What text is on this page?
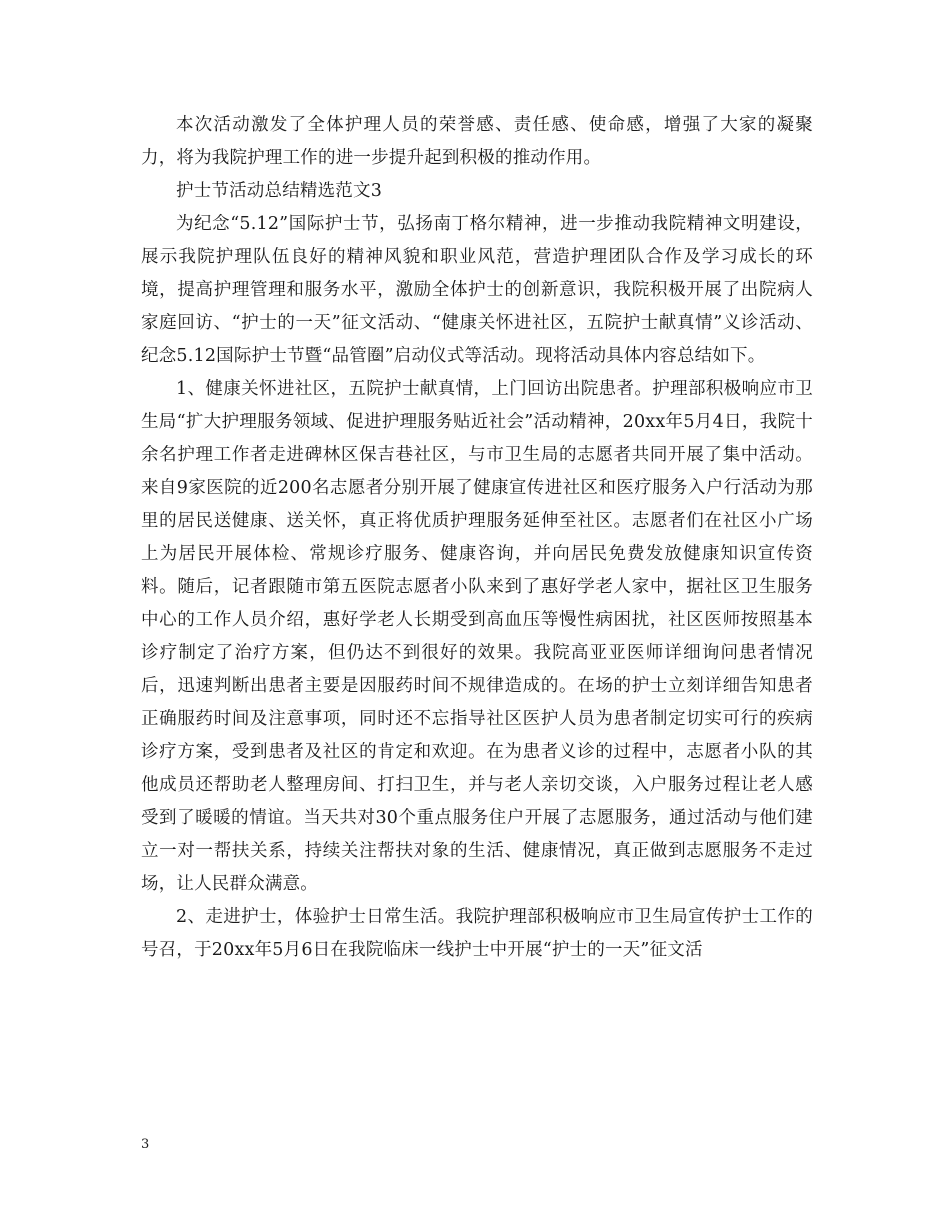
本次活动激发了全体护理人员的荣誉感、责任感、使命感，增强了大家的凝聚力，将为我院护理工作的进一步提升起到积极的推动作用。

护士节活动总结精选范文3

为纪念“5.12”国际护士节，弘扬南丁格尔精神，进一步推动我院精神文明建设，展示我院护理队伍良好的精神风貌和职业风范，营造护理团队合作及学习成长的环境，提高护理管理和服务水平，激励全体护士的创新意识，我院积极开展了出院病人家庭回访、“护士的一天”征文活动、“健康关怀进社区，五院护士献真情”义诊活动、纪念5.12国际护士节暨“品管圈”启动仪式等活动。现将活动具体内容总结如下。

1、健康关怀进社区，五院护士献真情，上门回访出院患者。护理部积极响应市卫生局“扩大护理服务领域、促进护理服务贴近社会”活动精神，20xx年5月4日，我院十余名护理工作者走进碑林区保吉巷社区，与市卫生局的志愿者共同开展了集中活动。来自9家医院的近200名志愿者分别开展了健康宣传进社区和医疗服务入户行活动为那里的居民送健康、送关怀，真正将优质护理服务延伸至社区。志愿者们在社区小广场上为居民开展体检、常规诊疗服务、健康咨询，并向居民免费发放健康知识宣传资料。随后，记者跟随市第五医院志愿者小队来到了惠好学老人家中，据社区卫生服务中心的工作人员介绍，惠好学老人长期受到高血压等慢性病困扰，社区医师按照基本诊疗制定了治疗方案，但仍达不到很好的效果。我院高亚亚医师详细询问患者情况后，迅速判断出患者主要是因服药时间不规律造成的。在场的护士立刻详细告知患者正确服药时间及注意事项，同时还不忘指导社区医护人员为患者制定切实可行的疾病诊疗方案，受到患者及社区的肯定和欢迎。在为患者义诊的过程中，志愿者小队的其他成员还帮助老人整理房间、打扫卫生，并与老人亲切交谈，入户服务过程让老人感受到了暖暖的情谊。当天共对30个重点服务住户开展了志愿服务，通过活动与他们建立一对一帮扶关系，持续关注帮扶对象的生活、健康情况，真正做到志愿服务不走过场，让人民群众满意。

2、走进护士，体验护士日常生活。我院护理部积极响应市卫生局宣传护士工作的号召，于20xx年5月6日在我院临床一线护士中开展“护士的一天”征文活

3
